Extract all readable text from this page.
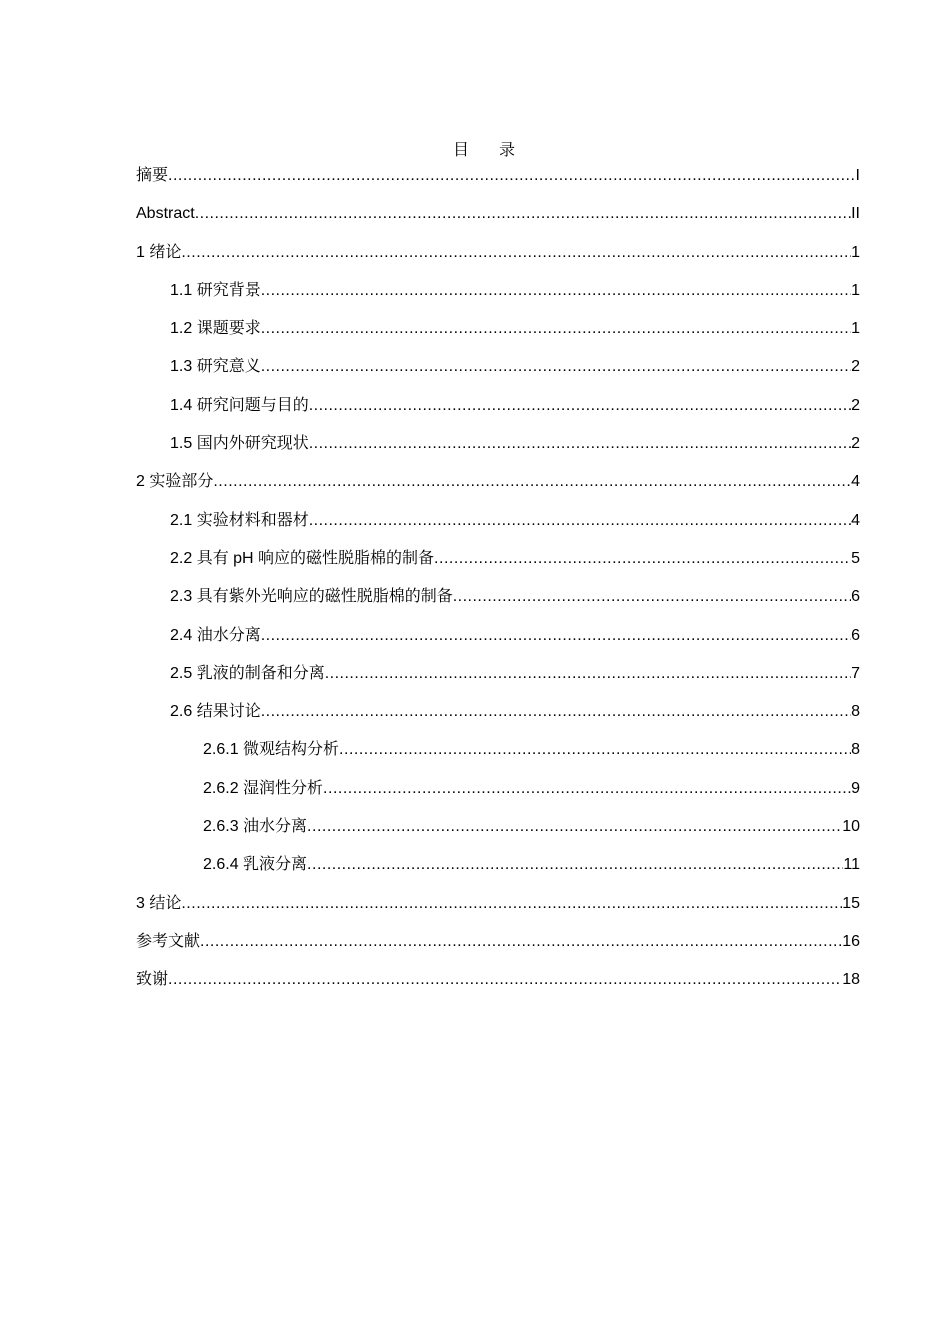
目录
摘要 .....	I
Abstract .....	II
1 绪论 .....	1
1.1 研究背景 .....	1
1.2 课题要求 .....	1
1.3 研究意义 .....	2
1.4 研究问题与目的 .....	2
1.5 国内外研究现状 .....	2
2 实验部分 .....	4
2.1 实验材料和器材 .....	4
2.2 具有 pH 响应的磁性脱脂棉的制备 .....	5
2.3 具有紫外光响应的磁性脱脂棉的制备 .....	6
2.4 油水分离 .....	6
2.5 乳液的制备和分离 .....	7
2.6 结果讨论 .....	8
2.6.1 微观结构分析 .....	8
2.6.2 湿润性分析 .....	9
2.6.3 油水分离 .....	10
2.6.4 乳液分离 .....	11
3 结论 .....	15
参考文献 .....	16
致谢 .....	18
